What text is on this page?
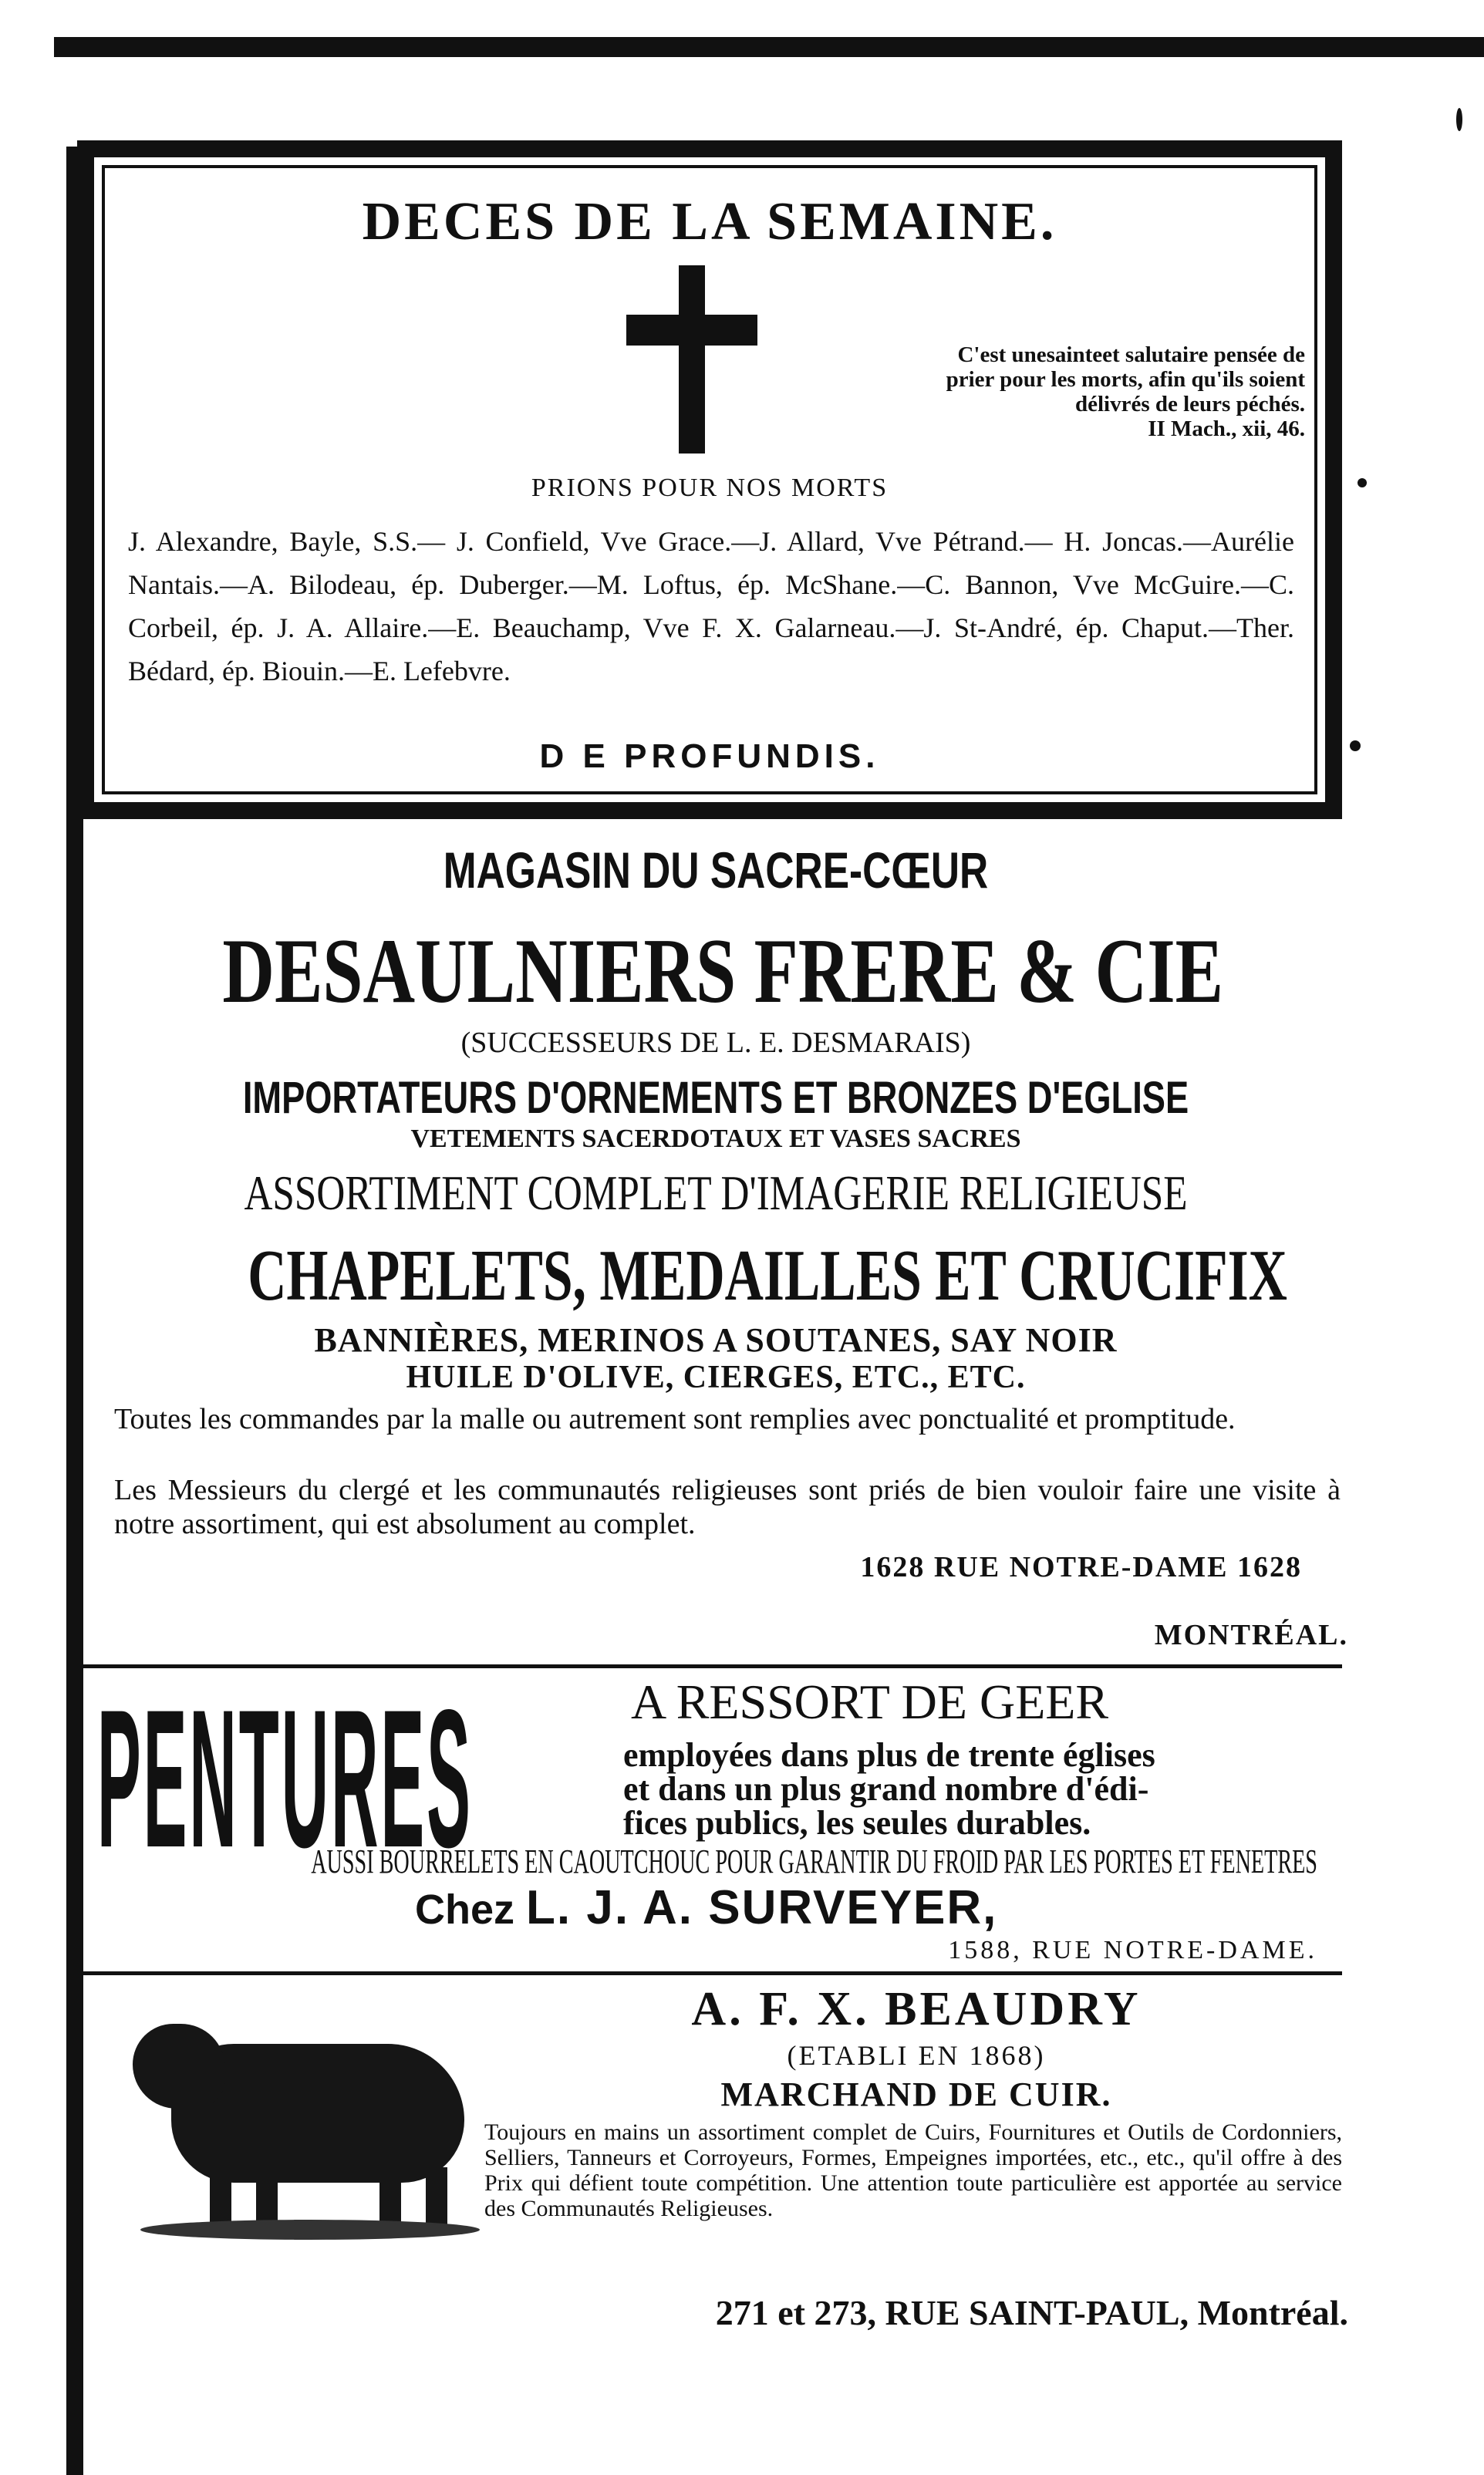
DECES DE LA SEMAINE.
C'est unesainteet salutaire pensée de
prier pour les morts, afin qu'ils soient
délivrés de leurs péchés.
II Mach., xii, 46.
PRIONS POUR NOS MORTS
J. Alexandre, Bayle, S.S.— J. Confield, Vve Grace.—J. Allard, Vve Pétrand.— H. Joncas.—Aurélie Nantais.—A. Bilodeau, ép. Duberger.—M. Loftus, ép. McShane.—C. Bannon, Vve McGuire.—C. Corbeil, ép. J. A. Allaire.—E. Beauchamp, Vve F. X. Galarneau.—J. St-André, ép. Chaput.—Ther. Bédard, ép. Biouin.—E. Lefebvre.
D E PROFUNDIS.
MAGASIN DU SACRE-CŒUR
DESAULNIERS FRERE & CIE
(SUCCESSEURS DE L. E. DESMARAIS)
IMPORTATEURS D'ORNEMENTS ET BRONZES D'EGLISE
VETEMENTS SACERDOTAUX ET VASES SACRES
ASSORTIMENT COMPLET D'IMAGERIE RELIGIEUSE
CHAPELETS, MEDAILLES ET CRUCIFIX
BANNIÈRES, MERINOS A SOUTANES, SAY NOIR
HUILE D'OLIVE, CIERGES, ETC., ETC.
Toutes les commandes par la malle ou autrement sont remplies avec ponctualité et promptitude.
Les Messieurs du clergé et les communautés religieuses sont priés de bien vouloir faire une visite à notre assortiment, qui est absolument au complet.
1628 RUE NOTRE-DAME 1628
MONTRÉAL.
PENTURES	A RESSORT DE GEER
employées dans plus de trente églises
et dans un plus grand nombre d'édi-
fices publics, les seules durables.
AUSSI BOURRELETS EN CAOUTCHOUC POUR GARANTIR DU FROID PAR LES PORTES ET FENETRES
Chez L. J. A. SURVEYER,
1588, RUE NOTRE-DAME.
A. F. X. BEAUDRY
(ETABLI EN 1868)
MARCHAND DE CUIR.
Toujours en mains un assortiment complet de Cuirs, Fournitures et Outils de Cordonniers, Selliers, Tanneurs et Corroyeurs, Formes, Empeignes importées, etc., etc., qu'il offre à des Prix qui défient toute compétition. Une attention toute particulière est apportée au service des Communautés Religieuses.
271 et 273, RUE SAINT-PAUL, Montréal.
